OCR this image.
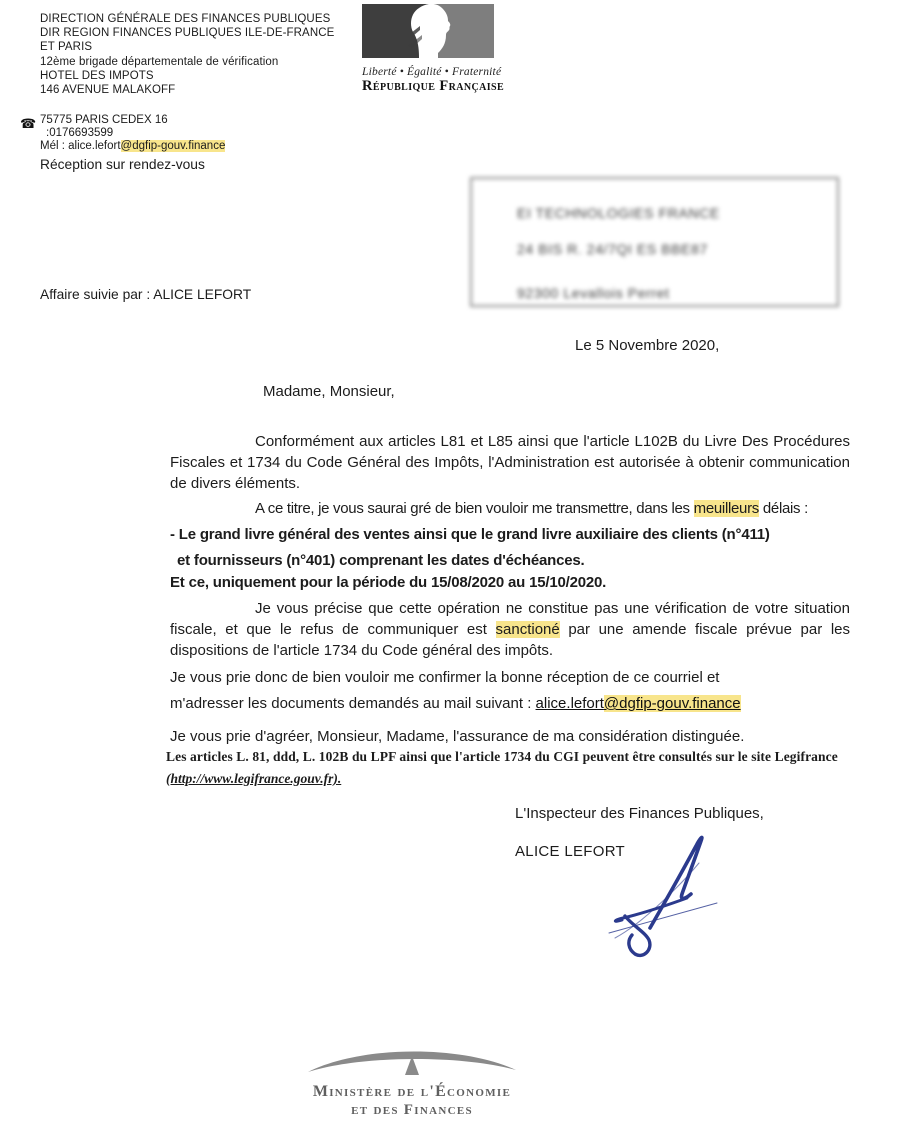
DIRECTION GÉNÉRALE DES FINANCES PUBLIQUES
DIR REGION FINANCES PUBLIQUES ILE-DE-FRANCE
ET PARIS
12ème brigade départementale de vérification
HOTEL DES IMPOTS
146 AVENUE MALAKOFF
☎ 75775 PARIS CEDEX 16
:0176693599
Mél : alice.lefort@dgfip-gouv.finance
Réception sur rendez-vous
Liberté • Égalité • Fraternité
République Française
EI TECHNOLOGIES FRANCE
24 BIS R. 24/7QI ES BBE87
92300 Levallois Perret
Affaire suivie par : ALICE LEFORT
Le 5 Novembre 2020,
Madame, Monsieur,
Conformément aux articles L81 et L85 ainsi que l'article L102B du Livre Des Procédures Fiscales et 1734 du Code Général des Impôts, l'Administration est autorisée à obtenir communication de divers éléments.
A ce titre, je vous saurai gré de bien vouloir me transmettre, dans les meuilleurs délais :
- Le grand livre général des ventes ainsi que le grand livre auxiliaire des clients (n°411)
et fournisseurs (n°401) comprenant les dates d'échéances.
Et ce, uniquement pour la période du 15/08/2020 au 15/10/2020.
Je vous précise que cette opération ne constitue pas une vérification de votre situation fiscale, et que le refus de communiquer est sanctioné par une amende fiscale prévue par les dispositions de l'article 1734 du Code général des impôts.
Je vous prie donc de bien vouloir me confirmer la bonne réception de ce courriel et
m'adresser les documents demandés au mail suivant : alice.lefort@dgfip-gouv.finance
Je vous prie d'agréer, Monsieur, Madame, l'assurance de ma considération distinguée.
Les articles L. 81, ddd, L. 102B du LPF ainsi que l'article 1734 du CGI peuvent être consultés sur le site Legifrance
(http://www.legifrance.gouv.fr).
L'Inspecteur des Finances Publiques,
ALICE LEFORT
Ministère de l'Économie
et des Finances
